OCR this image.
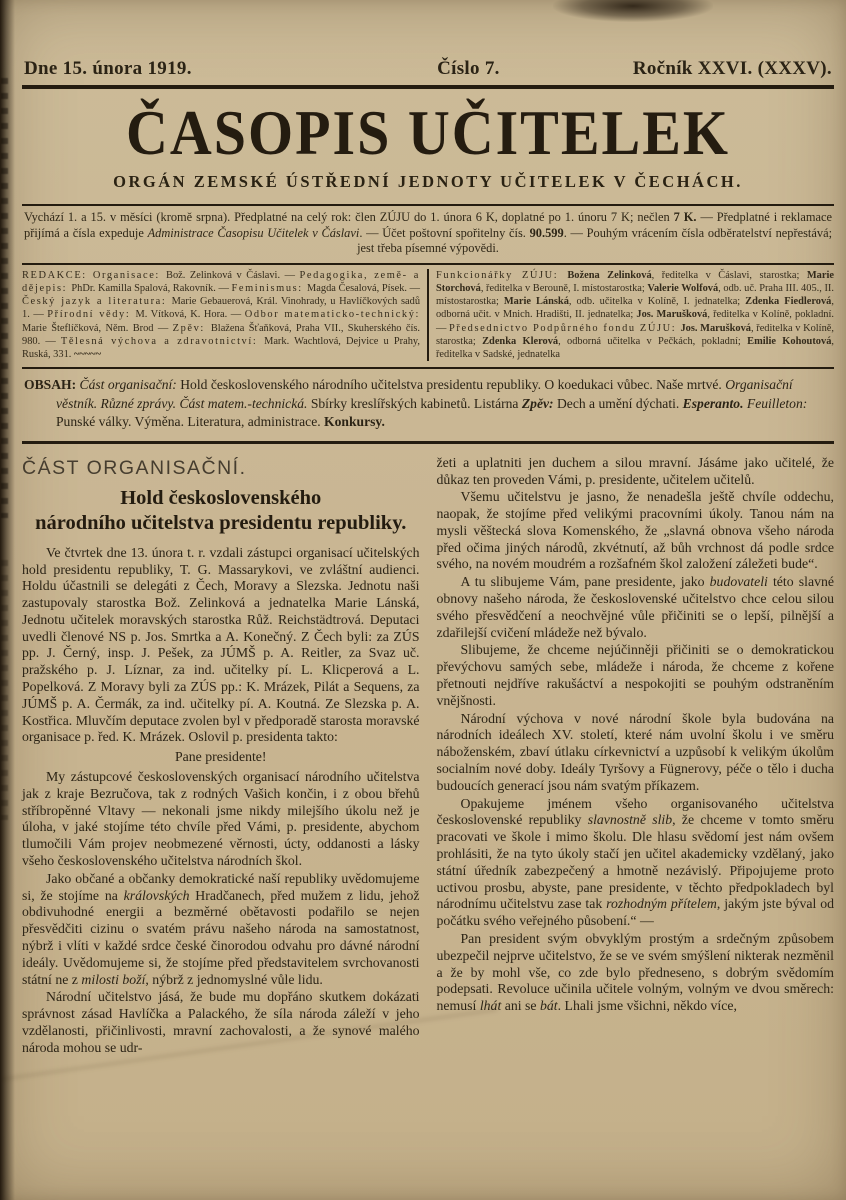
Dne 15. února 1919.	Číslo 7.	Ročník XXVI. (XXXV).
ČASOPIS UČITELEK
ORGÁN ZEMSKÉ ÚSTŘEDNÍ JEDNOTY UČITELEK V ČECHÁCH.

Vychází 1. a 15. v měsíci (kromě srpna). Předplatné na celý rok: člen ZÚJU do 1. února 6 K, doplatné po 1. únoru 7 K; nečlen 7 K. — Předplatné i reklamace přijímá a čísla expeduje Administrace Časopisu Učitelek v Čáslavi. — Účet poštovní spořitelny čís. 90.599. — Pouhým vrácením čísla odběratelství nepřestává; jest třeba písemné výpovědi.

REDAKCE: Organisace: Bož. Zelinková v Čáslavi. — Pedagogika, země- a dějepis: PhDr. Kamilla Spalová, Rakovník. — Feminismus: Magda Česalová, Písek. — Český jazyk a literatura: Marie Gebauerová, Král. Vinohrady, u Havlíčkových sadů 1. — Přírodní vědy: M. Vítková, K. Hora. — Odbor matematicko-technický: Marie Šteflíčková, Něm. Brod — Zpěv: Blažena Šťaňková, Praha VII., Skuherského čís. 980. — Tělesná výchova a zdravotnictví: Mark. Wachtlová, Dejvice u Prahy, Ruská, 331. ~~~~~
Funkcionářky ZÚJU: Božena Zelinková, ředitelka v Čáslavi, starostka; Marie Storchová, ředitelka v Berouně, I. místostarostka; Valerie Wolfová, odb. uč. Praha III. 405., II. místostarostka; Marie Lánská, odb. učitelka v Kolíně, I. jednatelka; Zdenka Fiedlerová, odborná učit. v Mnich. Hradišti, II. jednatelka; Jos. Marušková, ředitelka v Kolíně, pokladní. — Předsednictvo Podpůrného fondu ZÚJU: Jos. Marušková, ředitelka v Kolíně, starostka; Zdenka Klerová, odborná učitelka v Pečkách, pokladní; Emilie Kohoutová, ředitelka v Sadské, jednatelka

OBSAH: Část organisační: Hold československého národního učitelstva presidentu republiky. O koedukaci vůbec. Naše mrtvé. Organisační věstník. Různé zprávy. Část matem.-technická. Sbírky kreslířských kabinetů. Listárna Zpěv: Dech a umění dýchati. Esperanto. Feuilleton: Punské války. Výměna. Literatura, administrace. Konkursy.

ČÁST ORGANISAČNÍ.
Hold československého
národního učitelstva presidentu republiky.

Ve čtvrtek dne 13. února t. r. vzdali zástupci organisací učitelských hold presidentu republiky, T. G. Massarykovi, ve zvláštní audienci. Holdu účastnili se delegáti z Čech, Moravy a Slezska. Jednotu naši zastupovaly starostka Bož. Zelinková a jednatelka Marie Lánská, Jednotu učitelek moravských starostka Růž. Reichstädtrová. Deputaci uvedli členové NS p. Jos. Smrtka a A. Konečný. Z Čech byli: za ZÚS pp. J. Černý, insp. J. Pešek, za JÚMŠ p. A. Reitler, za Svaz uč. pražského p. J. Líznar, za ind. učitelky pí. L. Klicperová a L. Popelková. Z Moravy byli za ZÚS pp.: K. Mrázek, Pilát a Sequens, za JÚMŠ p. A. Čermák, za ind. učitelky pí. A. Koutná. Ze Slezska p. A. Kostřica. Mluvčím deputace zvolen byl v předporadě starosta moravské organisace p. řed. K. Mrázek. Oslovil p. presidenta takto:

Pane presidente!

My zástupcové československých organisací národního učitelstva jak z kraje Bezručova, tak z rodných Vašich končin, i z obou břehů stříbropěnné Vltavy — nekonali jsme nikdy milejšího úkolu než je úloha, v jaké stojíme této chvíle před Vámi, p. presidente, abychom tlumočili Vám projev neobmezené věrnosti, úcty, oddanosti a lásky všeho československého učitelstva národních škol.

Jako občané a občanky demokratické naší republiky uvědomujeme si, že stojíme na královských Hradčanech, před mužem z lidu, jehož obdivuhodné energii a bezměrné obětavosti podařilo se nejen přesvědčiti cizinu o svatém právu našeho národa na samostatnost, nýbrž i vlíti v každé srdce české činorodou odvahu pro dávné národní ideály. Uvědomujeme si, že stojíme před představitelem svrchovanosti státní ne z milosti boží, nýbrž z jednomyslné vůle lidu.

Národní učitelstvo jásá, že bude mu dopřáno skutkem dokázati správnost zásad Havlíčka a Palackého, že síla národa záleží v jeho vzdělanosti, přičinlivosti, mravní zachovalosti, a že synové malého národa mohou se udr-

žeti a uplatniti jen duchem a silou mravní. Jásáme jako učitelé, že důkaz ten proveden Vámi, p. presidente, učitelem učitelů.

Všemu učitelstvu je jasno, že nenadešla ještě chvíle oddechu, naopak, že stojíme před velikými pracovními úkoly. Tanou nám na mysli věštecká slova Komenského, že „slavná obnova všeho národa před očima jiných národů, zkvétnutí, až bůh vrchnost dá podle srdce svého, na novém moudrém a rozšafném škol založení záležeti bude“.

A tu slibujeme Vám, pane presidente, jako budovateli této slavné obnovy našeho národa, že československé učitelstvo chce celou silou svého přesvědčení a neochvějné vůle přičiniti se o lepší, pilnější a zdařilejší cvičení mládeže než bývalo.

Slibujeme, že chceme nejúčinněji přičiniti se o demokratickou převýchovu samých sebe, mládeže i národa, že chceme z kořene přetnouti nejdříve rakušáctví a nespokojiti se pouhým odstraněním vnějšnosti.

Národní výchova v nové národní škole byla budována na národních ideálech XV. století, které nám uvolní školu i ve směru náboženském, zbaví útlaku církevnictví a uzpůsobí k velikým úkolům socialním nové doby. Ideály Tyršovy a Fügnerovy, péče o tělo i ducha budoucích generací jsou nám svatým příkazem.

Opakujeme jménem všeho organisovaného učitelstva československé republiky slavnostně slib, že chceme v tomto směru pracovati ve škole i mimo školu. Dle hlasu svědomí jest nám ovšem prohlásiti, že na tyto úkoly stačí jen učitel akademicky vzdělaný, jako státní úředník zabezpečený a hmotně nezávislý. Připojujeme proto uctivou prosbu, abyste, pane presidente, v těchto předpokladech byl národnímu učitelstvu zase tak rozhodným přítelem, jakým jste býval od počátku svého veřejného působení.“ —

Pan president svým obvyklým prostým a srdečným způsobem ubezpečil nejprve učitelstvo, že se ve svém smýšlení nikterak nezměnil a že by mohl vše, co zde bylo předneseno, s dobrým svědomím podepsati. Revoluce učinila učitele volným, volným ve dvou směrech: nemusí lhát ani se bát. Lhali jsme všichni, někdo více,
